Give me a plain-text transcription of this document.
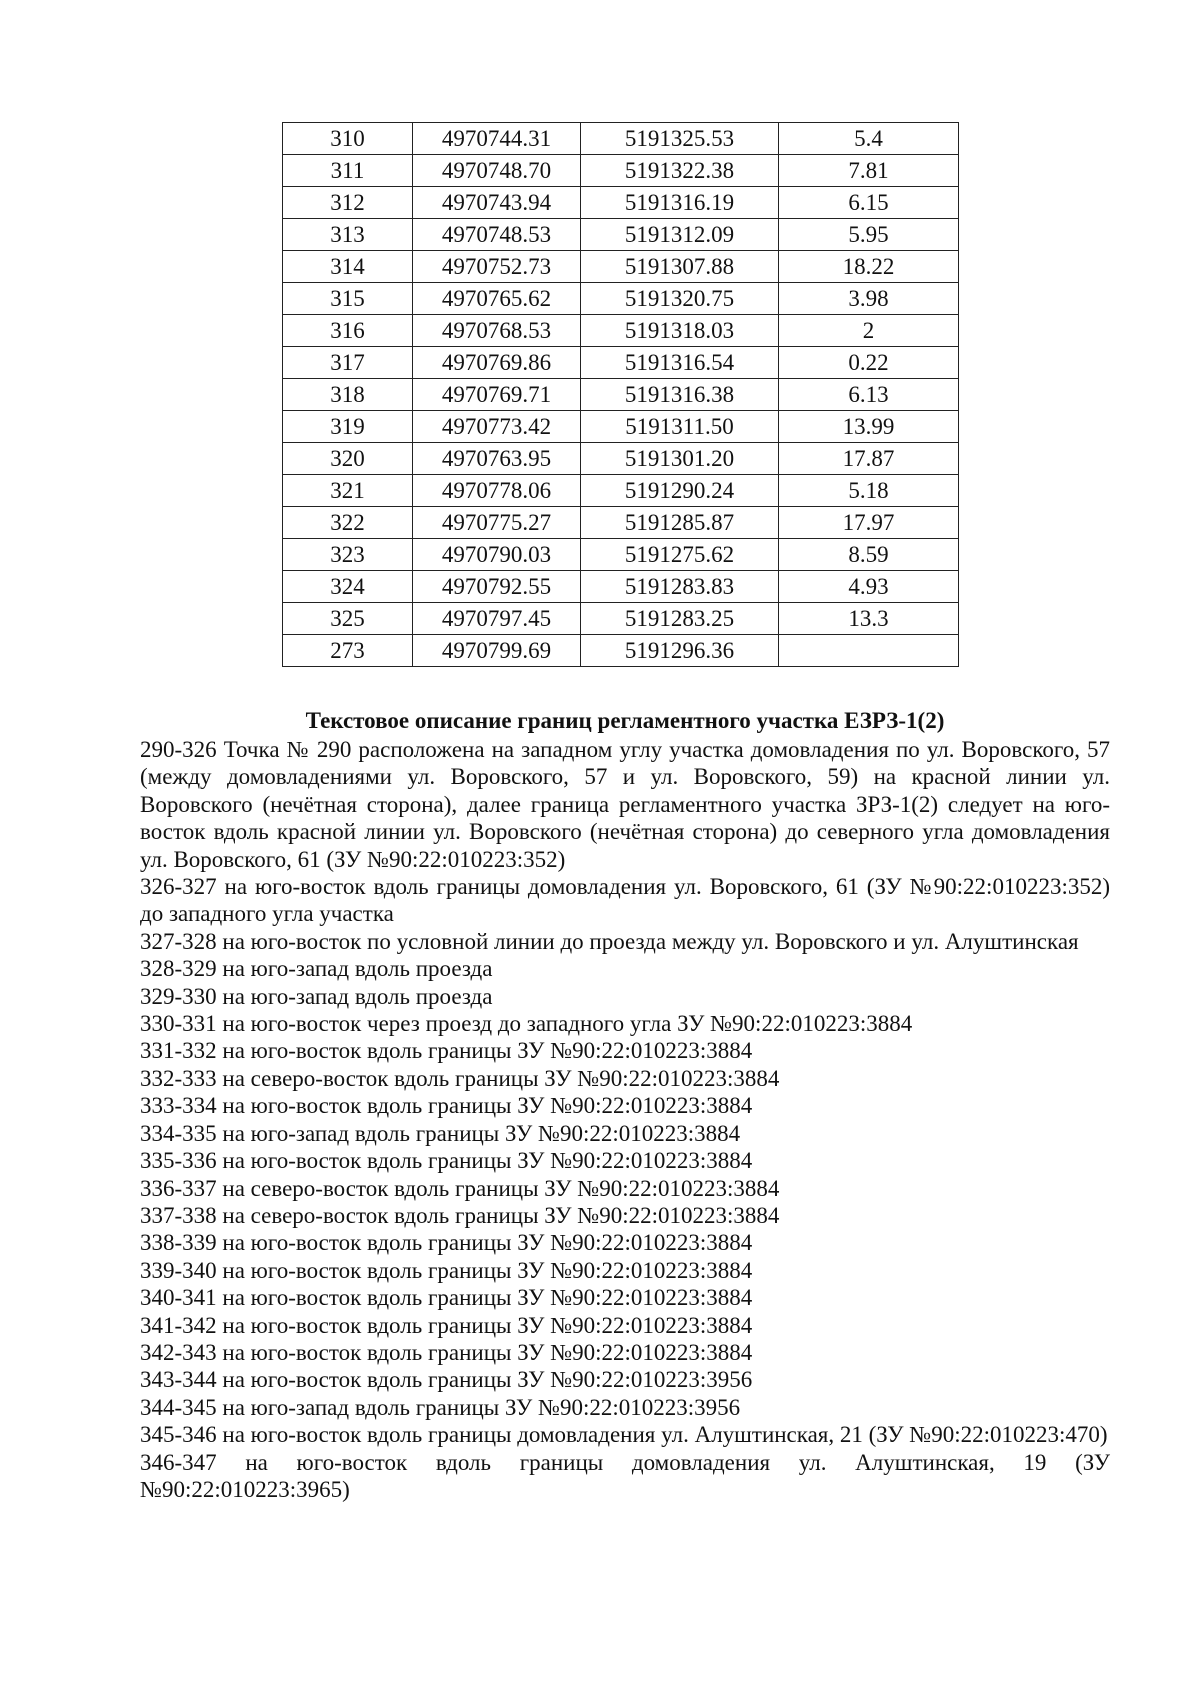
310	4970744.31	5191325.53	5.4
311	4970748.70	5191322.38	7.81
312	4970743.94	5191316.19	6.15
313	4970748.53	5191312.09	5.95
314	4970752.73	5191307.88	18.22
315	4970765.62	5191320.75	3.98
316	4970768.53	5191318.03	2
317	4970769.86	5191316.54	0.22
318	4970769.71	5191316.38	6.13
319	4970773.42	5191311.50	13.99
320	4970763.95	5191301.20	17.87
321	4970778.06	5191290.24	5.18
322	4970775.27	5191285.87	17.97
323	4970790.03	5191275.62	8.59
324	4970792.55	5191283.83	4.93
325	4970797.45	5191283.25	13.3
273	4970799.69	5191296.36	
Текстовое описание границ регламентного участка ЕЗРЗ-1(2)

290-326 Точка № 290 расположена на западном углу участка домовладения по ул. Воровского, 57 (между домовладениями ул. Воровского, 57 и ул. Воровского, 59) на красной линии ул. Воровского (нечётная сторона), далее граница регламентного участка ЗРЗ-1(2) следует на юго-восток вдоль красной линии ул. Воровского (нечётная сторона) до северного угла домовладения ул. Воровского, 61 (ЗУ №90:22:010223:352)

326-327 на юго-восток вдоль границы домовладения ул. Воровского, 61 (ЗУ №90:22:010223:352) до западного угла участка

327-328 на юго-восток по условной линии до проезда между ул. Воровского и ул. Алуштинская

328-329 на юго-запад вдоль проезда

329-330 на юго-запад вдоль проезда

330-331 на юго-восток через проезд до западного угла ЗУ №90:22:010223:3884

331-332 на юго-восток вдоль границы ЗУ №90:22:010223:3884

332-333 на северо-восток вдоль границы ЗУ №90:22:010223:3884

333-334 на юго-восток вдоль границы ЗУ №90:22:010223:3884

334-335 на юго-запад вдоль границы ЗУ №90:22:010223:3884

335-336 на юго-восток вдоль границы ЗУ №90:22:010223:3884

336-337 на северо-восток вдоль границы ЗУ №90:22:010223:3884

337-338 на северо-восток вдоль границы ЗУ №90:22:010223:3884

338-339 на юго-восток вдоль границы ЗУ №90:22:010223:3884

339-340 на юго-восток вдоль границы ЗУ №90:22:010223:3884

340-341 на юго-восток вдоль границы ЗУ №90:22:010223:3884

341-342 на юго-восток вдоль границы ЗУ №90:22:010223:3884

342-343 на юго-восток вдоль границы ЗУ №90:22:010223:3884

343-344 на юго-восток вдоль границы ЗУ №90:22:010223:3956

344-345 на юго-запад вдоль границы ЗУ №90:22:010223:3956

345-346 на юго-восток вдоль границы домовладения ул. Алуштинская, 21 (ЗУ №90:22:010223:470)

346-347 на юго-восток вдоль границы домовладения ул. Алуштинская, 19 (ЗУ №90:22:010223:3965)
